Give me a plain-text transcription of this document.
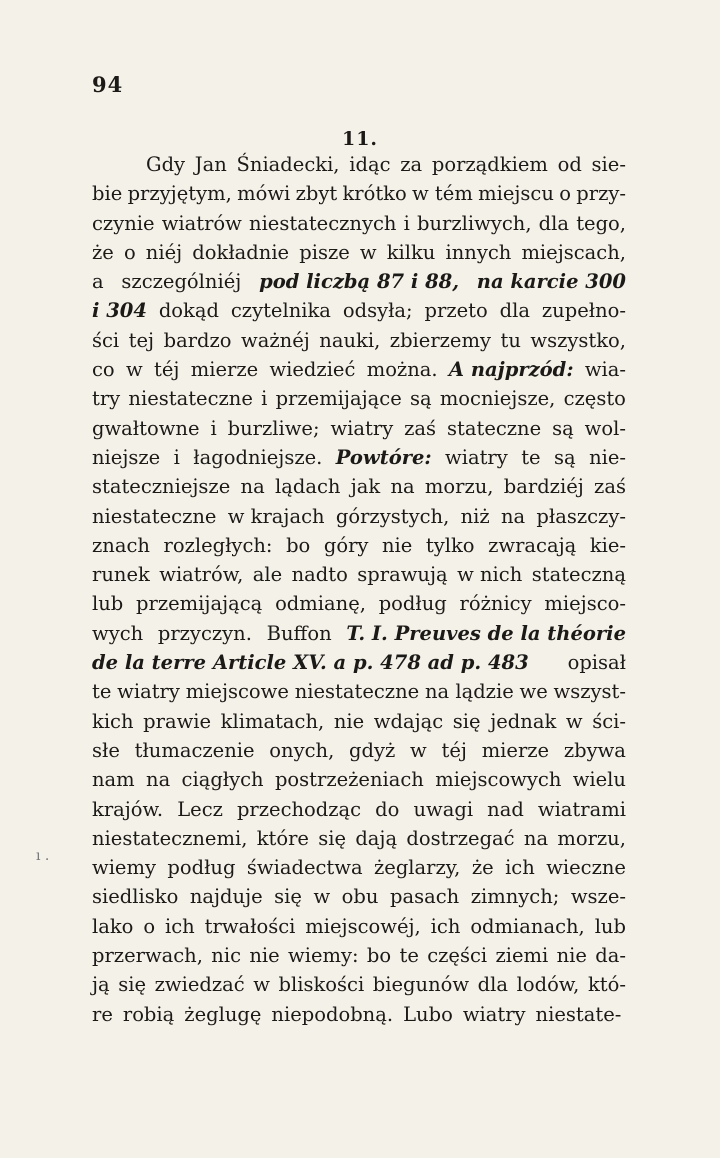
94
11.
ı .
Gdy Jan Śniadecki, idąc za porządkiem od sie-
bie przyjętym, mówi zbyt krótko w tém miejscu o przy-
czynie wiatrów niestatecznych i burzliwych, dla tego,
że o niéj dokładnie pisze w kilku innych miejscach,
a szczególniéj pod liczbą 87 i 88, na karcie 300
i 304 dokąd czytelnika odsyła; przeto dla zupełno-
ści tej bardzo ważnéj nauki, zbierzemy tu wszystko,
co w téj mierze wiedzieć można. A najprzód: wia-
try niestateczne i przemijające są mocniejsze, często
gwałtowne i burzliwe; wiatry zaś stateczne są wol-
niejsze i łagodniejsze. Powtóre: wiatry te są nie-
stateczniejsze na lądach jak na morzu, bardziéj zaś
niestateczne w krajach górzystych, niż na płaszczy-
znach rozległych: bo góry nie tylko zwracają kie-
runek wiatrów, ale nadto sprawują w nich stateczną
lub przemijającą odmianę, podług różnicy miejsco-
wych przyczyn. Buffon T. I. Preuves de la théorie
de la terre Article XV. a p. 478 ad p. 483 opisał
te wiatry miejscowe niestateczne na lądzie we wszyst-
kich prawie klimatach, nie wdając się jednak w ści-
słe tłumaczenie onych, gdyż w téj mierze zbywa
nam na ciągłych postrzeżeniach miejscowych wielu
krajów. Lecz przechodząc do uwagi nad wiatrami
niestatecznemi, które się dają dostrzegać na morzu,
wiemy podług świadectwa żeglarzy, że ich wieczne
siedlisko najduje się w obu pasach zimnych; wsze-
lako o ich trwałości miejscowéj, ich odmianach, lub
przerwach, nic nie wiemy: bo te części ziemi nie da-
ją się zwiedzać w bliskości biegunów dla lodów, któ-
re robią żeglugę niepodobną. Lubo wiatry niestate-
